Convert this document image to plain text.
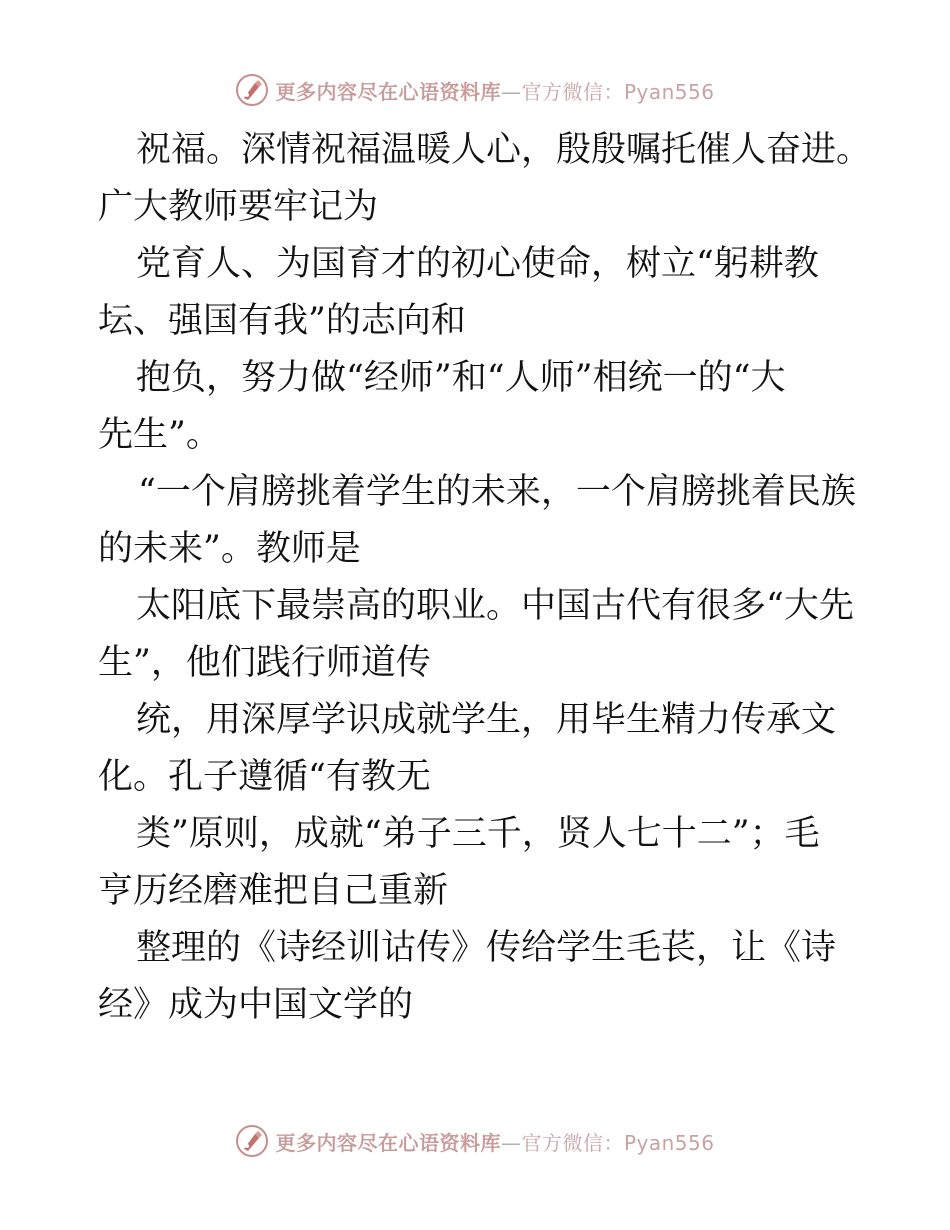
更多内容尽在心语资料库—官方微信：Pyan556

祝福。深情祝福温暖人心，殷殷嘱托催人奋进。
广大教师要牢记为

党育人、为国育才的初心使命，树立“躬耕教
坛、强国有我”的志向和

抱负，努力做“经师”和“人师”相统一的“大
先生”。

“一个肩膀挑着学生的未来，一个肩膀挑着民族
的未来”。教师是

太阳底下最崇高的职业。中国古代有很多“大先
生”，他们践行师道传

统，用深厚学识成就学生，用毕生精力传承文
化。孔子遵循“有教无

类”原则，成就“弟子三千，贤人七十二”；毛
亨历经磨难把自己重新

整理的《诗经训诂传》传给学生毛苌，让《诗
经》成为中国文学的

更多内容尽在心语资料库—官方微信：Pyan556
